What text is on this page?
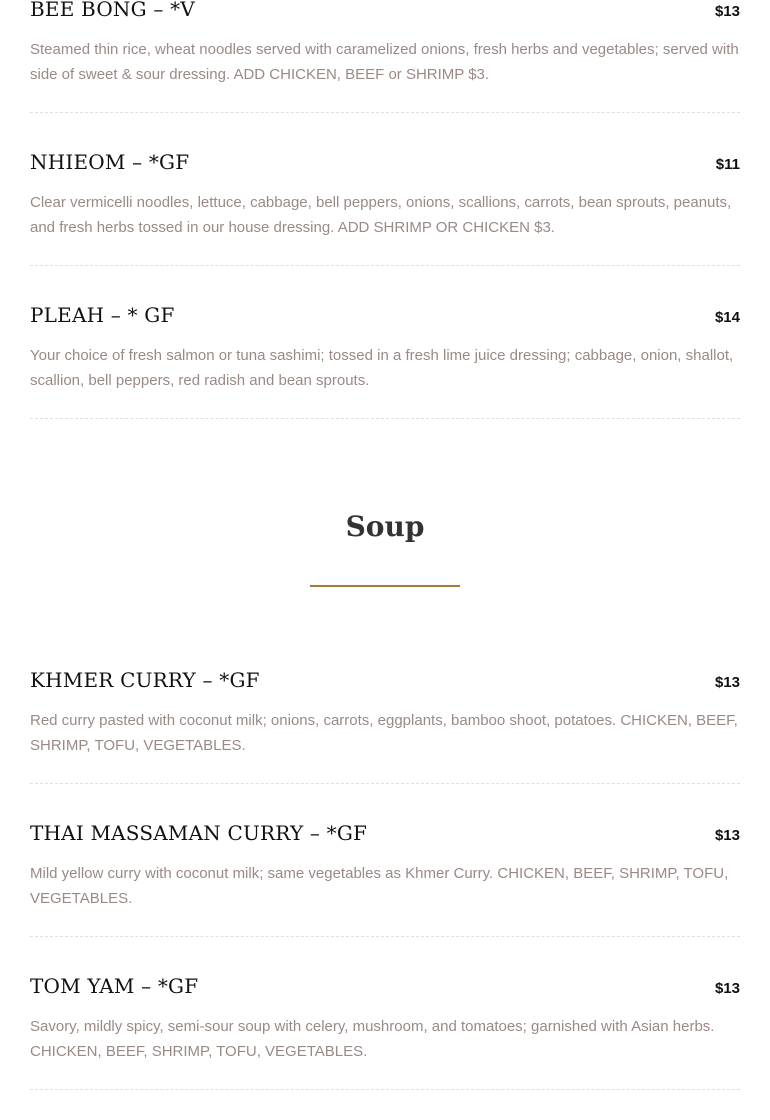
BEE BONG – *V	$13

Steamed thin rice, wheat noodles served with caramelized onions, fresh herbs and vegetables; served with side of sweet & sour dressing. ADD CHICKEN, BEEF or SHRIMP $3.

NHIEOM – *GF	$11

Clear vermicelli noodles, lettuce, cabbage, bell peppers, onions, scallions, carrots, bean sprouts, peanuts, and fresh herbs tossed in our house dressing. ADD SHRIMP OR CHICKEN $3.

PLEAH – * GF	$14

Your choice of fresh salmon or tuna sashimi; tossed in a fresh lime juice dressing; cabbage, onion, shallot, scallion, bell peppers, red radish and bean sprouts.

Soup
KHMER CURRY – *GF	$13

Red curry pasted with coconut milk; onions, carrots, eggplants, bamboo shoot, potatoes. CHICKEN, BEEF, SHRIMP, TOFU, VEGETABLES.

THAI MASSAMAN CURRY – *GF	$13

Mild yellow curry with coconut milk; same vegetables as Khmer Curry. CHICKEN, BEEF, SHRIMP, TOFU, VEGETABLES.

TOM YAM – *GF	$13

Savory, mildly spicy, semi-sour soup with celery, mushroom, and tomatoes; garnished with Asian herbs. CHICKEN, BEEF, SHRIMP, TOFU, VEGETABLES.
